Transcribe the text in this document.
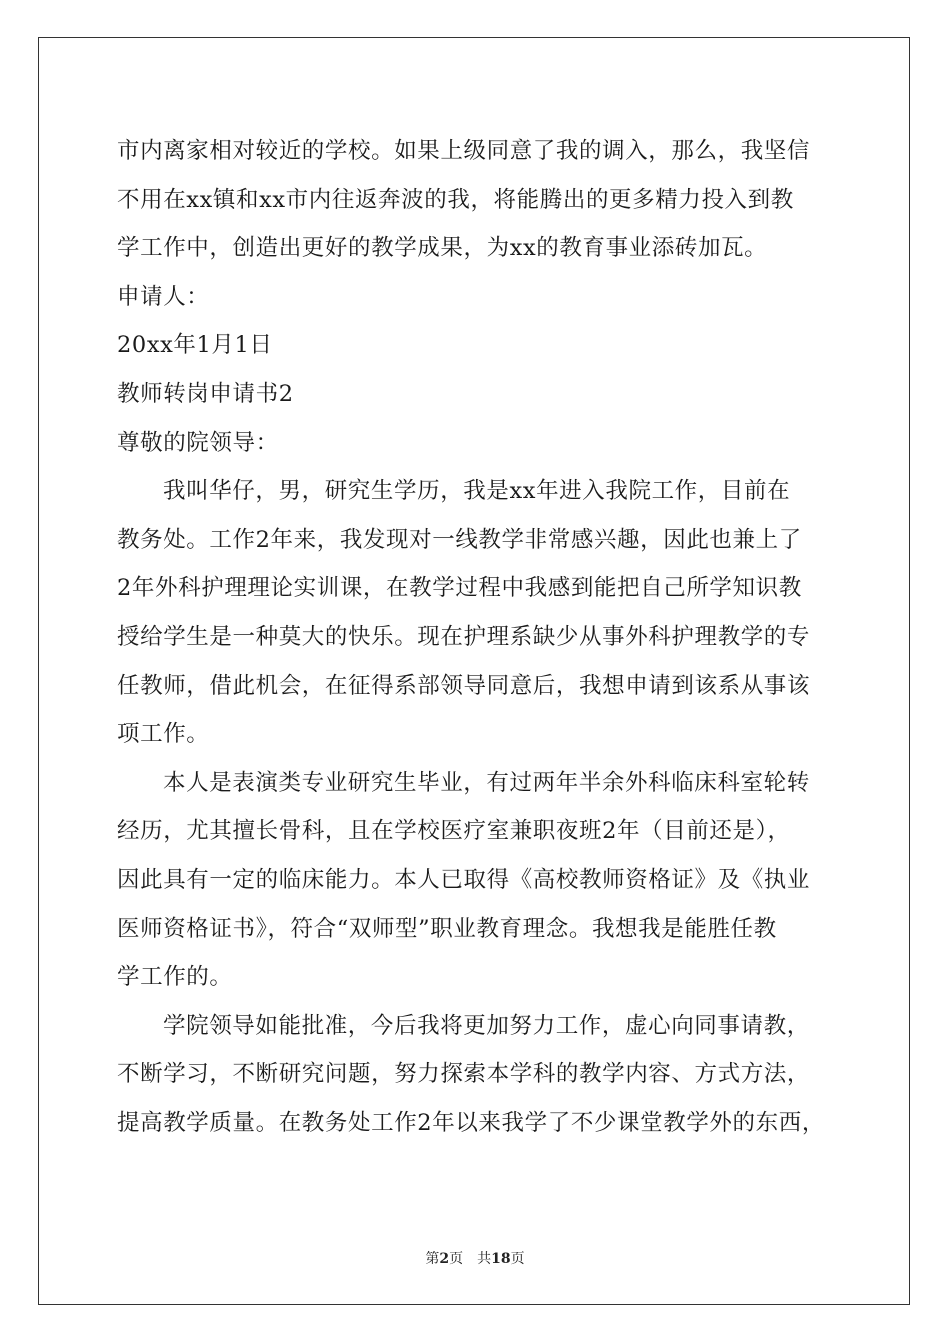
市内离家相对较近的学校。如果上级同意了我的调入，那么，我坚信
不用在xx镇和xx市内往返奔波的我，将能腾出的更多精力投入到教
学工作中，创造出更好的教学成果，为xx的教育事业添砖加瓦。
申请人：
20xx年1月1日
教师转岗申请书2
尊敬的院领导：
我叫华仔，男，研究生学历，我是xx年进入我院工作，目前在
教务处。工作2年来，我发现对一线教学非常感兴趣，因此也兼上了
2年外科护理理论实训课，在教学过程中我感到能把自己所学知识教
授给学生是一种莫大的快乐。现在护理系缺少从事外科护理教学的专
任教师，借此机会，在征得系部领导同意后，我想申请到该系从事该
项工作。
本人是表演类专业研究生毕业，有过两年半余外科临床科室轮转
经历，尤其擅长骨科，且在学校医疗室兼职夜班2年（目前还是），
因此具有一定的临床能力。本人已取得《高校教师资格证》及《执业
医师资格证书》，符合“双师型”职业教育理念。我想我是能胜任教
学工作的。
学院领导如能批准，今后我将更加努力工作，虚心向同事请教，
不断学习，不断研究问题，努力探索本学科的教学内容、方式方法，
提高教学质量。在教务处工作2年以来我学了不少课堂教学外的东西，
第2页 共18页
